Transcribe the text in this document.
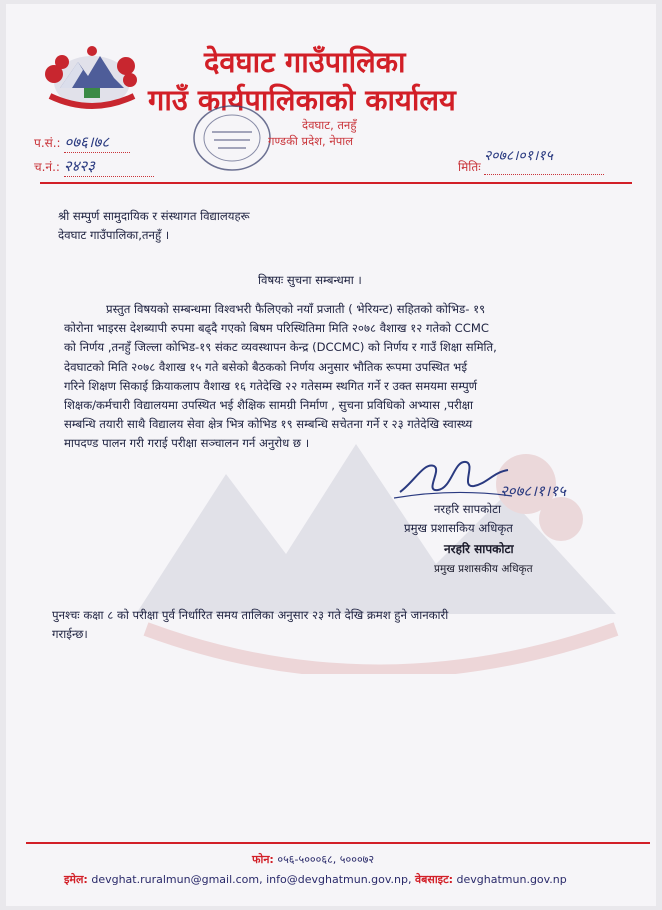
देवघाट गाउँपालिका
गाउँ कार्यपालिकाको कार्यालय
देवघाट, तनहुँ
गण्डकी प्रदेश, नेपाल
प.सं.: ०७६।७८
च.नं.: २४२३
२०७८।०१।१५
मितिः
श्री सम्पुर्ण सामुदायिक र संस्थागत विद्यालयहरू
देवघाट गाउँपालिका,तनहुँ ।
विषयः सुचना सम्बन्धमा ।
प्रस्तुत विषयको सम्बन्धमा विश्वभरी फैलिएको नयाँ प्रजाती ( भेरियन्ट) सहितको कोभिड- १९
कोरोना भाइरस देशब्यापी रुपमा बढ्दै गएको बिषम परिस्थितिमा मिति २०७८ वैशाख १२ गतेको CCMC
को निर्णय ,तनहुँ जिल्ला कोभिड-१९ संकट व्यवस्थापन केन्द्र (DCCMC) को निर्णय र गाउँ शिक्षा समिति,
देवघाटको मिति २०७८ वैशाख १५ गते बसेको बैठकको निर्णय अनुसार भौतिक रूपमा उपस्थित भई
गरिने शिक्षण सिकाई क्रियाकलाप वैशाख १६ गतेदेखि २२ गतेसम्म स्थगित गर्ने र उक्त समयमा सम्पुर्ण
शिक्षक/कर्मचारी विद्यालयमा उपस्थित भई शैक्षिक सामग्री निर्माण , सुचना प्रविधिको अभ्यास ,परीक्षा
सम्बन्धि तयारी साथै विद्यालय सेवा क्षेत्र भित्र कोभिड १९ सम्बन्धि सचेतना गर्ने र २३ गतेदेखि स्वास्थ्य
मापदण्ड पालन गरी गराई परीक्षा सञ्चालन गर्न अनुरोध छ ।
२०७८।१।१५
नरहरि सापकोटा
प्रमुख प्रशासकिय अधिकृत
नरहरि सापकोटा
प्रमुख प्रशासकीय अधिकृत
पुनश्चः कक्षा ८ को परीक्षा पुर्व निर्धारित समय तालिका अनुसार २३ गते देखि क्रमश हुने जानकारी
गराईन्छ।
फोन: ०५६-५०००६८, ५०००७२
इमेल: devghat.ruralmun@gmail.com, info@devghatmun.gov.np, वेबसाइट: devghatmun.gov.np
